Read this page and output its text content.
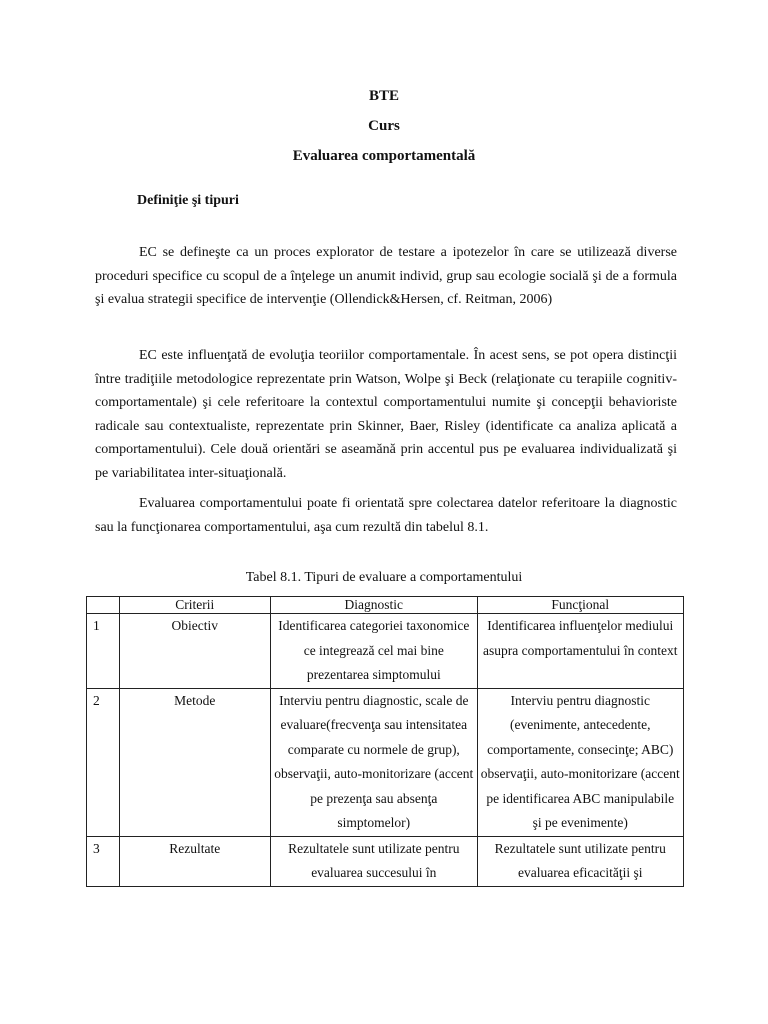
BTE
Curs
Evaluarea comportamentală
Definiţie şi tipuri

EC se defineşte ca un proces explorator de testare a ipotezelor în care se utilizează diverse proceduri specifice cu scopul de a înţelege un anumit individ, grup sau ecologie socială şi de a formula şi evalua strategii specifice de intervenţie (Ollendick&Hersen, cf. Reitman, 2006)

EC este influenţată de evoluţia teoriilor comportamentale. În acest sens, se pot opera distincţii între tradiţiile metodologice reprezentate prin Watson, Wolpe şi Beck (relaţionate cu terapiile cognitiv-comportamentale) şi cele referitoare la contextul comportamentului numite şi concepţii behavioriste radicale sau contextualiste, reprezentate prin Skinner, Baer, Risley (identificate ca analiza aplicată a comportamentului). Cele două orientări se aseamănă prin accentul pus pe evaluarea individualizată şi pe variabilitatea inter-situaţională.

Evaluarea comportamentului poate fi orientată spre colectarea datelor referitoare la diagnostic sau la funcţionarea comportamentului, aşa cum rezultă din tabelul 8.1.

Tabel 8.1. Tipuri de evaluare a comportamentului
	Criterii	Diagnostic	Funcţional
1	Obiectiv	Identificarea categoriei taxonomice ce integrează cel mai bine prezentarea simptomului	Identificarea influenţelor mediului asupra comportamentului în context
2	Metode	Interviu pentru diagnostic, scale de evaluare(frecvenţa sau intensitatea comparate cu normele de grup), observaţii, auto-monitorizare (accent pe prezenţa sau absenţa simptomelor)	Interviu pentru diagnostic (evenimente, antecedente, comportamente, consecinţe; ABC) observaţii, auto-monitorizare (accent pe identificarea ABC manipulabile şi pe evenimente)
3	Rezultate	Rezultatele sunt utilizate pentru evaluarea succesului în	Rezultatele sunt utilizate pentru evaluarea eficacităţii şi
